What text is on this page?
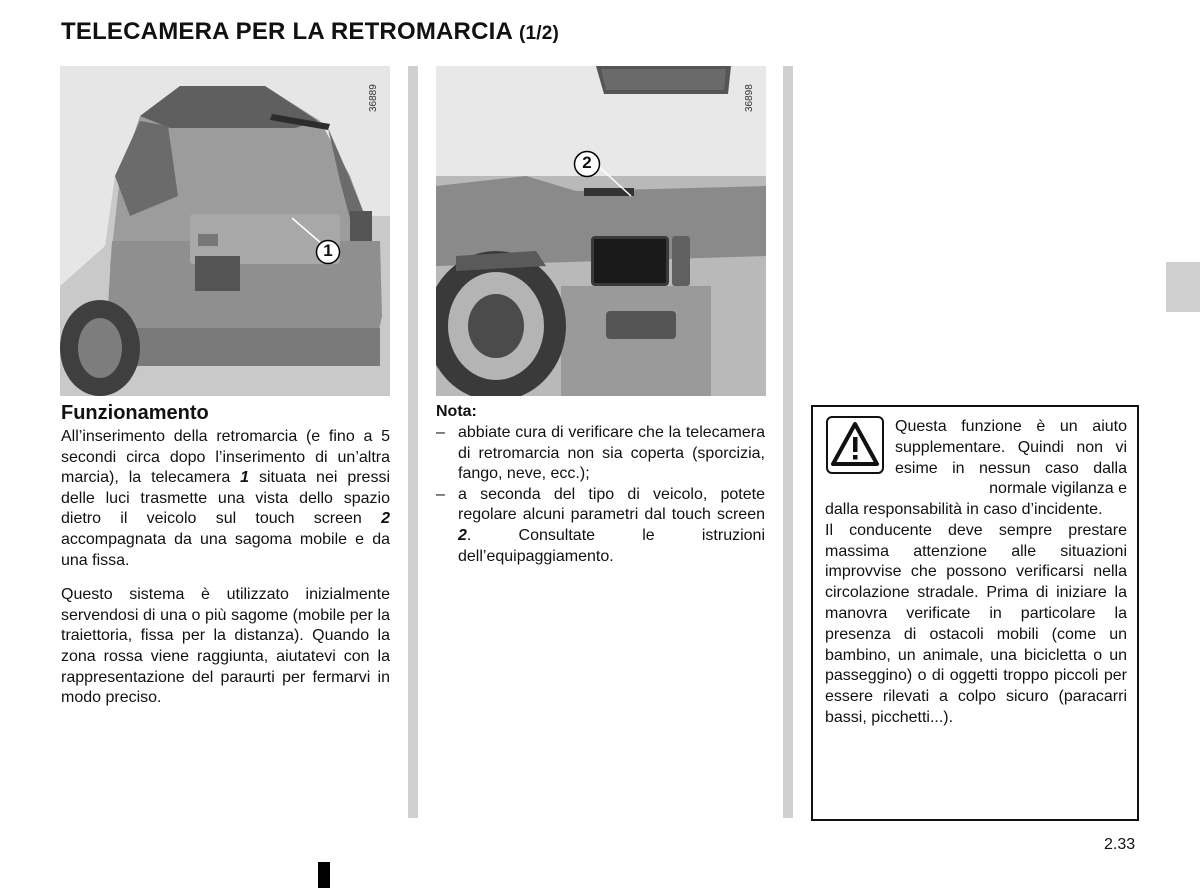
TELECAMERA PER LA RETROMARCIA (1/2)
36889
1
36898
2
Funzionamento

All’inserimento della retromarcia (e fino a 5 secondi circa dopo l’inserimento di un’altra marcia), la telecamera 1 situata nei pressi delle luci trasmette una vista dello spazio dietro il veicolo sul touch screen 2 accompagnata da una sagoma mobile e da una fissa.

Questo sistema è utilizzato inizialmente servendosi di una o più sagome (mobile per la traiettoria, fissa per la distanza). Quando la zona rossa viene raggiunta, aiutatevi con la rappresentazione del paraurti per fermarvi in modo preciso.

Nota:

– abbiate cura di verificare che la telecamera di retromarcia non sia coperta (sporcizia, fango, neve, ecc.);

– a seconda del tipo di veicolo, potete regolare alcuni parametri dal touch screen 2. Consultate le istruzioni dell’equipaggiamento.

Questa funzione è un aiuto supplementare. Quindi non vi esime in nessun caso dalla normale vigilanza e

dalla responsabilità in caso d’incidente.

Il conducente deve sempre prestare massima attenzione alle situazioni improvvise che possono verificarsi nella circolazione stradale. Prima di iniziare la manovra verificate in particolare la presenza di ostacoli mobili (come un bambino, un animale, una bicicletta o un passeggino) o di oggetti troppo piccoli per essere rilevati a colpo sicuro (paracarri bassi, picchetti...).

2.33
